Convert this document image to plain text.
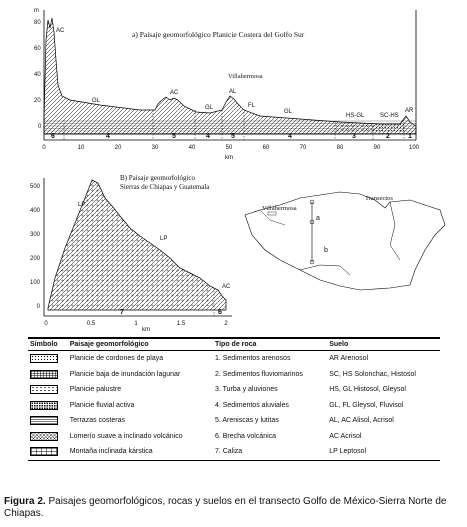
m
80
60
40
20
0
0	10	20	30	40	50	60	70	80	90	100
km
a) Paisaje geomorfológico Planicie Costera del Golfo Sur
6	4	5	4	5	4	3	2	1
AC
GL
AC
GL
AL
FL
GL
HS-GL	SC-HS
AR
Villahermosa
500
400
300
200
100
0
0	0.5	1	1.5	2
km
B) Paisaje geomorfológico
Sierras de Chiapas y Guatemala
7	6
LP
LP
AC
Transectos
Villahermosa
a
b
Símbolo	Paisaje geomorfológico	Tipo de roca	Suelo

	Planicie de cordones de playa	1. Sedimentos arenosos	AR Arenosol

	Planicie baja de inundación lagunar	2. Sedimentos fluviomarinos	SC, HS Solonchac, Histosol

	Planicie palustre	3. Turba y aluviones	HS, GL Histosol, Gleysol

	Planicie fluvial activa	4. Sedimentos aluviales	GL, FL Gleysol, Fluvisol

	Terrazas costeras	5. Areniscas y lutitas	AL, AC Alisol, Acrisol

	Lomerío suave a inclinado volcánico	6. Brecha volcánica	AC Acrisol

	Montaña inclinada kárstica	7. Caliza	LP Leptosol
Figura 2. Paisajes geomorfológicos, rocas y suelos en el transecto Golfo de México-Sierra Norte de Chiapas.
